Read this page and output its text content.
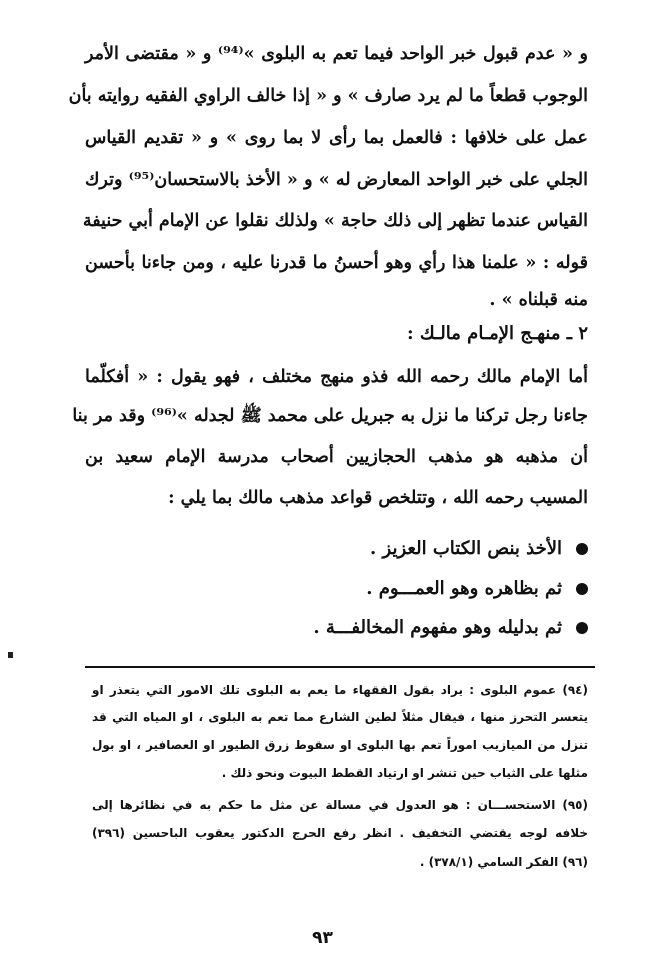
و « عدم قبول خبر الواحد فيما تعم به البلوى »⁽⁹⁴⁾ و « مقتضى الأمر
الوجوب قطعاً ما لم يرد صارف » و « إذا خالف الراوي الفقيه روايته بأن
عمل على خلافها : فالعمل بما رأى لا بما روى » و « تقديم القياس
الجلي على خبر الواحد المعارض له » و « الأخذ بالاستحسان⁽⁹⁵⁾ وترك
القياس عندما تظهر إلى ذلك حاجة » ولذلك نقلوا عن الإمام أبي حنيفة
قوله : « علمنا هذا رأي وهو أحسنُ ما قدرنا عليه ، ومن جاءنا بأحسن
منه قبلناه » .
٢ ـ منهـج الإمـام مالـك :
أما الإمام مالك رحمه الله فذو منهج مختلف ، فهو يقول : « أفكلّما
جاءنا رجل تركنا ما نزل به جبريل على محمد ﷺ لجدله »⁽⁹⁶⁾ وقد مر بنا
أن مذهبه هو مذهب الحجازيين أصحاب مدرسة الإمام سعيد بن
المسيب رحمه الله ، وتتلخص قواعد مذهب مالك بما يلي :
الأخذ بنص الكتاب العزيز .
ثم بظاهره وهو العمـــوم .
ثم بدليله وهو مفهوم المخالفـــة .
(٩٤) عموم البلوى : يراد بقول الفقهاء ما يعم به البلوى تلك الامور التي يتعذر او
يتعسر التحرز منها ، فيقال مثلاً لطين الشارع مما تعم به البلوى ، او المياه التي قد
تنزل من الميازيب اموراً تعم بها البلوى او سقوط زرق الطيور او العصافير ، او بول
مثلها على الثياب حين تنشر او ارتياد القطط البيوت ونحو ذلك .
(٩٥) الاستحســـان : هو العدول في مسالة عن مثل ما حكم به في نظائرها إلى
خلافه لوجه يقتضي التخفيف . انظر رفع الحرج الدكتور يعقوب الباحسين (٣٩٦)
(٩٦) الفكر السامي (٣٧٨/١) .
٩٣
